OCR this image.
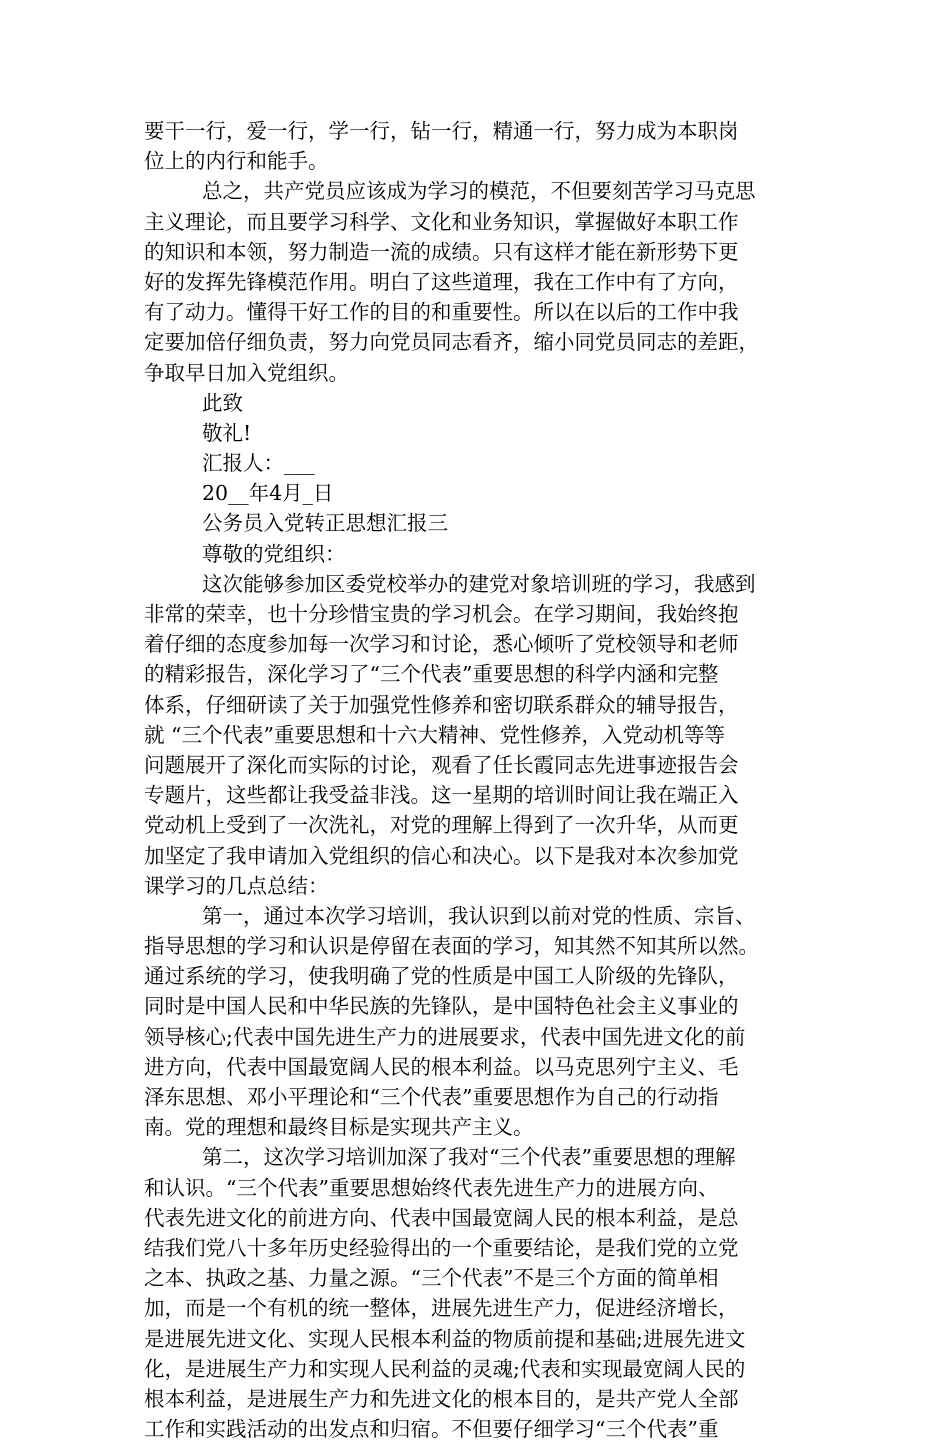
要干一行，爱一行，学一行，钻一行，精通一行，努力成为本职岗
位上的内行和能手。
总之，共产党员应该成为学习的模范，不但要刻苦学习马克思
主义理论，而且要学习科学、文化和业务知识，掌握做好本职工作
的知识和本领，努力制造一流的成绩。只有这样才能在新形势下更
好的发挥先锋模范作用。明白了这些道理，我在工作中有了方向，
有了动力。懂得干好工作的目的和重要性。所以在以后的工作中我
定要加倍仔细负责，努力向党员同志看齐，缩小同党员同志的差距，
争取早日加入党组织。
此致
敬礼!
汇报人：___
20__年4月_日
公务员入党转正思想汇报三
尊敬的党组织：
这次能够参加区委党校举办的建党对象培训班的学习，我感到
非常的荣幸，也十分珍惜宝贵的学习机会。在学习期间，我始终抱
着仔细的态度参加每一次学习和讨论，悉心倾听了党校领导和老师
的精彩报告，深化学习了“三个代表”重要思想的科学内涵和完整
体系，仔细研读了关于加强党性修养和密切联系群众的辅导报告，
就 “三个代表”重要思想和十六大精神、党性修养，入党动机等等
问题展开了深化而实际的讨论，观看了任长霞同志先进事迹报告会
专题片，这些都让我受益非浅。这一星期的培训时间让我在端正入
党动机上受到了一次洗礼，对党的理解上得到了一次升华，从而更
加坚定了我申请加入党组织的信心和决心。以下是我对本次参加党
课学习的几点总结：
第一，通过本次学习培训，我认识到以前对党的性质、宗旨、
指导思想的学习和认识是停留在表面的学习，知其然不知其所以然。
通过系统的学习，使我明确了党的性质是中国工人阶级的先锋队，
同时是中国人民和中华民族的先锋队，是中国特色社会主义事业的
领导核心;代表中国先进生产力的进展要求，代表中国先进文化的前
进方向，代表中国最宽阔人民的根本利益。以马克思列宁主义、毛
泽东思想、邓小平理论和“三个代表”重要思想作为自己的行动指
南。党的理想和最终目标是实现共产主义。
第二，这次学习培训加深了我对“三个代表”重要思想的理解
和认识。“三个代表”重要思想始终代表先进生产力的进展方向、
代表先进文化的前进方向、代表中国最宽阔人民的根本利益，是总
结我们党八十多年历史经验得出的一个重要结论，是我们党的立党
之本、执政之基、力量之源。“三个代表”不是三个方面的简单相
加，而是一个有机的统一整体，进展先进生产力，促进经济增长，
是进展先进文化、实现人民根本利益的物质前提和基础;进展先进文
化，是进展生产力和实现人民利益的灵魂;代表和实现最宽阔人民的
根本利益，是进展生产力和先进文化的根本目的，是共产党人全部
工作和实践活动的出发点和归宿。不但要仔细学习“三个代表”重
